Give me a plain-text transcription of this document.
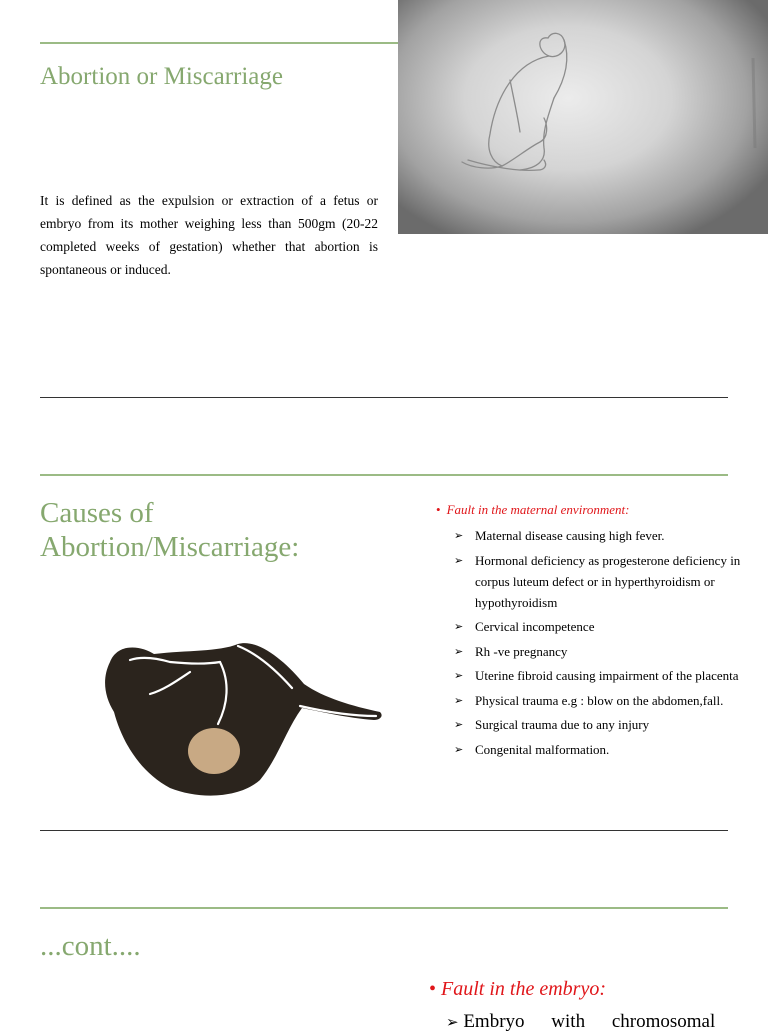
Abortion or Miscarriage

It is defined as the expulsion or extraction of a fetus or embryo from its mother weighing less than 500gm (20-22 completed weeks of gestation) whether that abortion is spontaneous or induced.

Causes of
Abortion/Miscarriage:
• Fault in the maternal environment:
➢ Maternal disease causing high fever.
➢ Hormonal deficiency as progesterone deficiency in corpus luteum defect or in hyperthyroidism or hypothyroidism
➢ Cervical incompetence
➢ Rh -ve pregnancy
➢ Uterine fibroid causing impairment of the placenta
➢ Physical trauma e.g : blow on the abdomen,fall.
➢ Surgical trauma due to any injury
➢ Congenital malformation.
...cont....
• Fault in the embryo:
➢ Embryo with chromosomal
